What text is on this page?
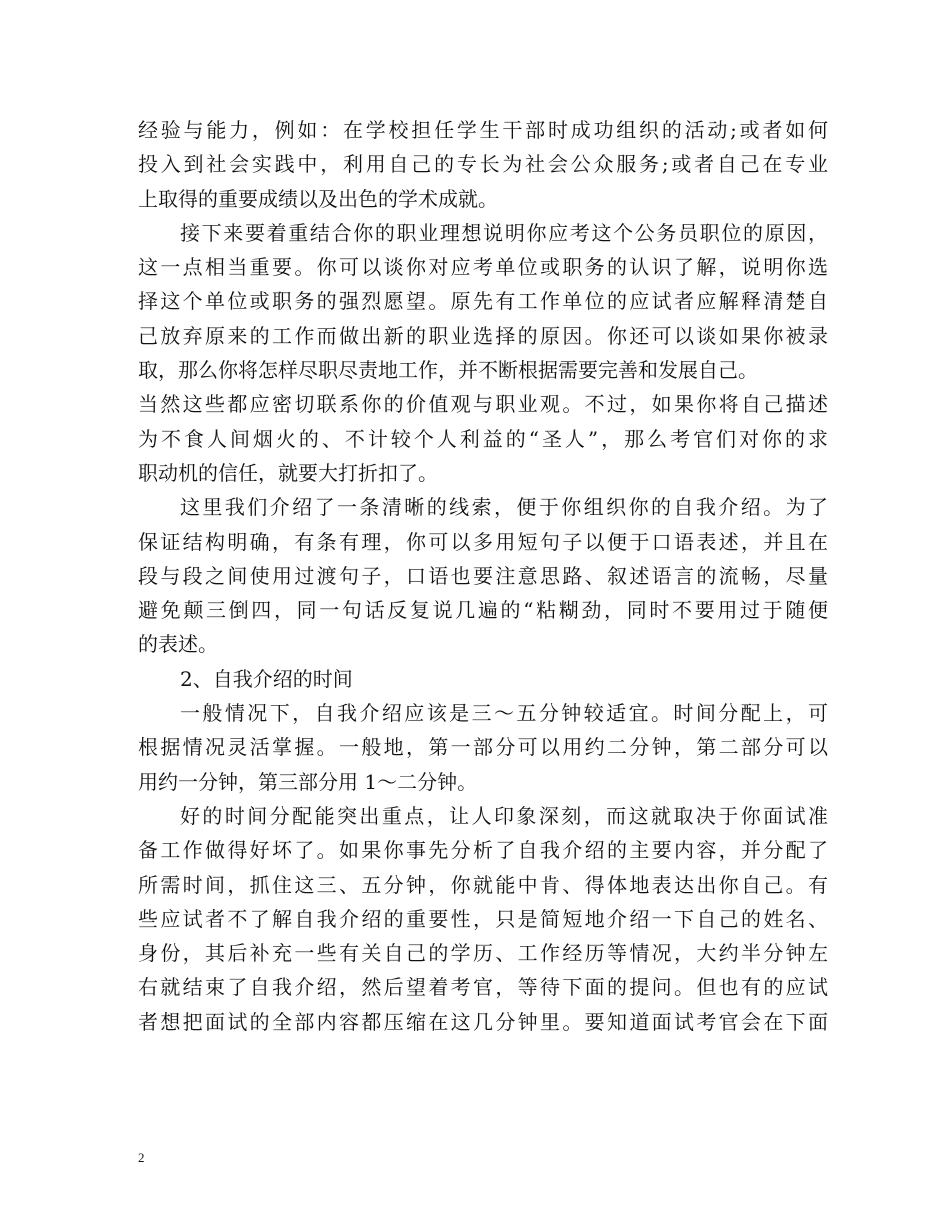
经验与能力，例如：在学校担任学生干部时成功组织的活动;或者如何
投入到社会实践中，利用自己的专长为社会公众服务;或者自己在专业
上取得的重要成绩以及出色的学术成就。

接下来要着重结合你的职业理想说明你应考这个公务员职位的原因，
这一点相当重要。你可以谈你对应考单位或职务的认识了解，说明你选
择这个单位或职务的强烈愿望。原先有工作单位的应试者应解释清楚自
己放弃原来的工作而做出新的职业选择的原因。你还可以谈如果你被录
取，那么你将怎样尽职尽责地工作，并不断根据需要完善和发展自己。
当然这些都应密切联系你的价值观与职业观。不过，如果你将自己描述
为不食人间烟火的、不计较个人利益的“圣人”，那么考官们对你的求
职动机的信任，就要大打折扣了。

这里我们介绍了一条清晰的线索，便于你组织你的自我介绍。为了
保证结构明确，有条有理，你可以多用短句子以便于口语表述，并且在
段与段之间使用过渡句子，口语也要注意思路、叙述语言的流畅，尽量
避免颠三倒四，同一句话反复说几遍的“粘糊劲，同时不要用过于随便
的表述。

2、自我介绍的时间

一般情况下，自我介绍应该是三～五分钟较适宜。时间分配上，可
根据情况灵活掌握。一般地，第一部分可以用约二分钟，第二部分可以
用约一分钟，第三部分用 1～二分钟。

好的时间分配能突出重点，让人印象深刻，而这就取决于你面试准
备工作做得好坏了。如果你事先分析了自我介绍的主要内容，并分配了
所需时间，抓住这三、五分钟，你就能中肯、得体地表达出你自己。有
些应试者不了解自我介绍的重要性，只是简短地介绍一下自己的姓名、
身份，其后补充一些有关自己的学历、工作经历等情况，大约半分钟左
右就结束了自我介绍，然后望着考官，等待下面的提问。但也有的应试
者想把面试的全部内容都压缩在这几分钟里。要知道面试考官会在下面

2
